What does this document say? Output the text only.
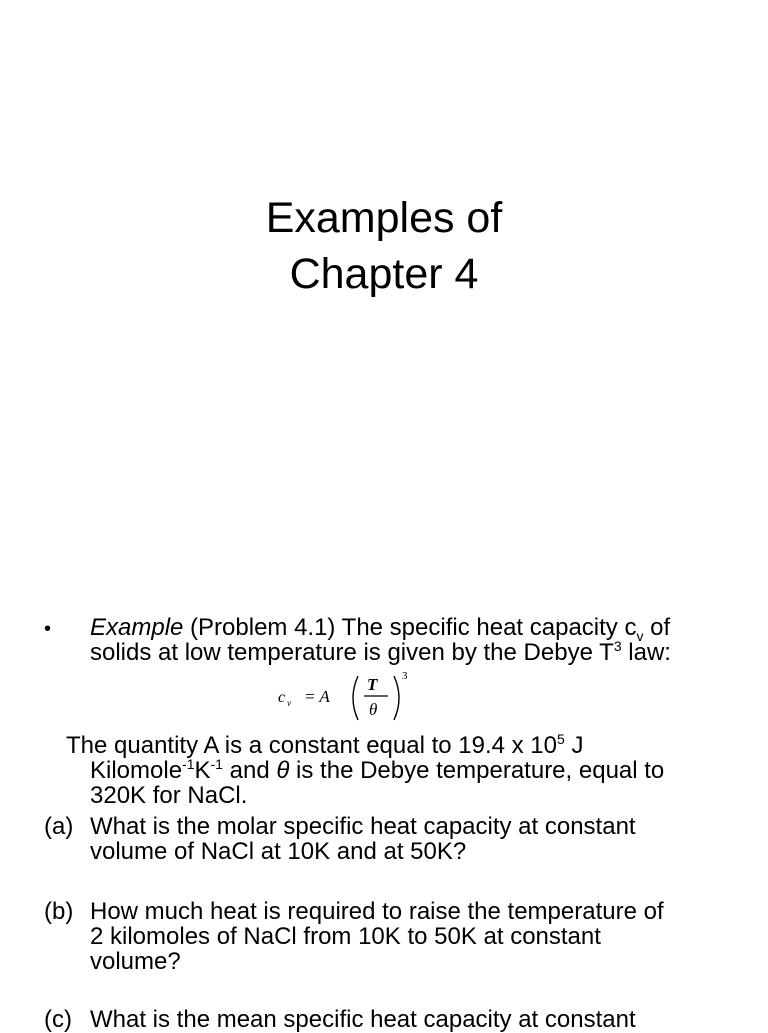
Examples of
Chapter 4
• Example (Problem 4.1) The specific heat capacity $c_v$ of
solids at low temperature is given by the Debye $T^3$ law:
c v = A
T
θ
3
The quantity A is a constant equal to 19.4 x $10^5$ J
$Kilomole^{-1}K^{-1}$ and θ is the Debye temperature, equal to
320K for NaCl.
(a) What is the molar specific heat capacity at constant
volume of NaCl at 10K and at 50K?
(b) How much heat is required to raise the temperature of
2 kilomoles of NaCl from 10K to 50K at constant
volume?
(c) What is the mean specific heat capacity at constant
